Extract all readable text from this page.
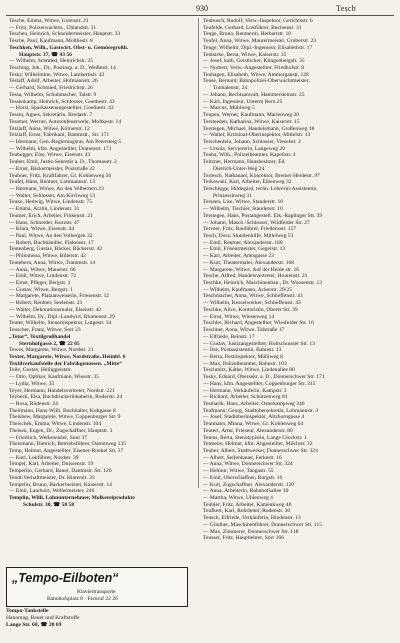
930	Tesch
Tesche, Emma, Witwe, Gotenstr. 21
— Fritz, Polizeiwachtm., Uhlandstr. 31
Teschen, Heinrich, Schneidermeister, Hauptstr. 33
Tesche, Paul, Kaufmann, Moltkestr. 8
Teschken, Wilh., Gastwirt, Obst- u. Gemüsegroßh.
Hauptstr. 37, ☎ 43 56
— Wilhelm, Schmied, Heinrichstr. 25
Tesching, Joh., Dr., Postinsp. a. D., Weißestr. 14
Tesky, Wilhelmine, Witwe, Lambertistr. 42
Teslaff, Adolf, Arbeiter, Hofmannstr. 26
— Gerhard, Schmied, Friedrichstr. 26
Tessa, Wilhelm, Schuhmacher, Talstr. 9
Tessenkamp, Heinrich, Schlosser, Goethestr. 43
— Horst, Sparkassenangestellter, Goethestr. 43
Tessin, Agnes, Sekretärin, Bredastr. 7
Tessmer, Werner, Autorenfeuerwehr, Moltkestr. 14
Tetzlaff, Anna, Witwe, Körnerstr. 12
Tetzlaff, Ernst, Fabrikant, Dammstr., Str. 171
— Hermann, Gen.-Regierungsrat, Am Petersteig 5
— Wilhelm, kfm. Angestellter, Domenstr. 171
Teubegger, Else, Witwe, Eisenstr. 43
Teuber, Emil, Justiz-Sekretär a. D., Thomasstr. 2
— Ernst, Bäckermeister, Poststraße 22
Teubner, Fritz, Kraftfahrer, Gr. Kohlenweg 56
Teufel, Hans, Rentner, Lohmannstr. 13
— Hermann, Witwe, An den Velbertern 23
— Walter, Schlosser, Am Kirchweg 13
Teuke, Hedwig, Witwe, Lindenstr. 75
— Emma, Ärztin, Lindenstr. 31
Teumer, Erich, Arbeiter, Finkenstr. 21
— Hans, Schneider, Kurzstr. 47
— Klara, Witwe, Eisenstr. 44
— Paul, Witwe, An den Volbergen 32
— Robert, Buchhändler, Finkenstr. 17
Teutenberg, Gustav, Bäcker, Bäckerstr. 42
— Philomena, Witwe, Bitterstr. 42
Teutebern, Anna, Witwe, Trammstr. 14
— Anna, Witwe, Mauerstr. 66
— Emil, Witwe, Lindenstr. 72
— Ernst, Pfleger, Bergstr. 1
— Gustav, Witwe, Bergstr. 1
— Margarete, Platzanweiserin, Friesenstr. 12
— Robert, Rentner, Seelenstr. 23
— Walter, Dekorationsmaler, Elsenstr. 42
— Wilhelm, Dr., Dipl.-Landwirt, Blumenstr. 29
Teuter, Wilhelm, Steuerinspektor, Lutgestr. 34
Teuscher, Franz, Witwe, Sorr 23
„Tetor“, Textilgroßhandel
Sternhofgasse 2, ☎ 22 05
Tewes, Margarete, Witwe, Nordstr. 21
Texter, Margarete, Witwe, Nordstraße, Heimbl. 6
Textilverkaufstelle der Fabrikgenossen. „Mitte“
Teile, Gustav, Heiliggeiststr.
— Otto, Optiker, Kaufmann, Wiesstr. 35
— Lydia, Witwe, 35
Teyer, Hermann, Handelsvertreter, Nordstr. 221
Teybeck, Elsa, Buchdruckerinhaberin, Ruderstr. 24
— Rosa, Rüdenstr. 24
Theilmann, Hans-Willi, Buchhalter, Kuhgasse 8
Thelsbew, Margarete, Witwe, Coppenburger Str. 9
Theischek, Emma, Witwe, Lindenstr. 104
Theisen, Eugen, Dr., Zugschaffner, Hauptstr. 3
— Friedrich, Werkmeister, Sonr 37
Theismann, Dietrich, Betriebsführer, Dammweg 135
Temp, Helmut, Angestellter, Eisener-Ronkel Str. 37
— Karl, Lokführer, Nordstr. 39
Tempel, Karl, Arbeiter, Duissenstr. 19
Temperlin, Gerhard, Bauer, Dammstr. Str. 126
Tendt-Verhaftmeister, Dr. Hinterstr. 33
Tempelin, Bruno, Bäckermeister, Kaiserstr. 14
— Emil, Landwirt, Wellermeister, 246
Templin, Willi, Lohnunternehmer, Molkereiprodukte
Schulstr. 30, ☎ 58 58
Teubusch, Rudolf, Verw.-Inspektor, Gerichtsstr. 6
Teufelde, Gerhard, Lokführer, Buchenstr. 31
Tenge, Bruno, Rentnerin, Herbartstr. 10
Teufel, Anna, Witwe, Maurermeister, Gruberstr. 23
Tenge, Wilhelm, Dipl.-Ingenieur, Elisabethstr. 17
Tenbarke, Berta, Witwe, Kaiserstr. 35
— Josef, kath. Geistlicher, Klingenbergstr. 35
— Norbert, Verw.-Angestellter, Friedhofstr. 8
Tenhagen, Elisabeth, Witwe, Ammergaustr. 128
Tense, Bernard, Bahnpolizei-Oberwachtmeister,
Tonhalenstr. 24
— Johann, Rechtsanwalt, Hammersteinstr. 25
— Karl, Ingenieur, Unterm Bern 25
— Marcus, Mühlweg 5
Tenpen, Werner, Kaufmann, Marienweg 20
Tersteeden, Katharina, Witwe, Kaiserstr. 15
Terstegen, Michael, Handelsmann, Großenweg 18
— Walter, Kriminal-Oberinspektor, Mittelstr. 13
Terschentein, Johann, Schlosser, Vieselstr. 2
— Ursula, Serviererin, Langeweg 20
Teuba, Wilh., Polizeibeamter, Kapellstr. 4
Teitzner, Hermann, Hausbesitzer, Ed.
Dietrich-Unter-Weg 24
Terlesch, Nathanael, Konrektor, Bremer Heidestr. 97
Terkowski, Karl, Arbeiter, Eibenweg 32
Terschegge, Hildegard, techn. Lehrerin-Assistentin,
Prinzessinweg 31
Terseen, Lise, Witwe, Stauderstr. 10
— Wilhelm, Tischler, Stauderstr. 10
Terstegen, Hans, Postangestell. Elk.-Raplinger Str. 39
— Johann, Masch.-Schlosser, Wildfelder Str. 27
Terveer, Fritz, Bauführer, Friedensstr. 157
Tesch, Dora, Stundenhilfe, Mittelweg 53
— Emil, Rentner, Alexanderstr. 168
— Emil, Friseurmeister, Gegerstr. 13
— Karl, Arbeiter, Amtsgasse 23
— Kurt, Theatermaler, Alexanderstr. 168
— Margarete, Witwe, Auf der Heide str. 16
Tesche, Alfred, Handelsvertreter, Hoarenstr. 21
Teschke, Heinrich, Maschinenbau., Dr. Woosenstr. 13
— Wilhelm, Kaufmann, Ackerstr. 29/25
Teschmacher, Anna, Witwe, Schlieffenstr. 43
— Wilhelm, Kesselwerker, Schlieffenstr. 43
Teschke, Alice, Kontoristin, Oberer Str. 39
— Ernst, Witwe, Wiesenweg 14
Teschler, Richard, Angestellter, Wiesfelder Str. 16
Teschner, Anna, Witwe, Talstraße 17
— Elfriede, Beinstr. 17
— Gustav, Justizangestellter, Holtschusster Str. 13
— Ilse, Postassistentin, Bahnstr. 13
— Berta, Postinspektor, Mühlweg 8
— Max, Polizeibeamter, Bahnstr. 103
Teschmitz, Käthe, Witwe, Lindenallee 80
Tesky, Eduard, Obersekr. a. D., Donnerschwer Str. 171
— Hans, kfm. Angestellter, Coppenburger Str. 315
— Hermann, Verkäuferin, Kampstr. 3
— Richard, Arbeiter, Schützenweg 81
Tesmarik, Hans, Arbeiter, Osterkampweg 346
Teufmann, Georg, Stadtobersekretär, Lohmannstr. 3
— Josef, Stadtoberinspektor, Allzhorngasse 4
Teutmann, Minna, Witwe, Gr. Kohlenweg 64
Teutert, Artur, Frieseur, Alexanderstr. 80
Tetens, Berta, Stenotypistin, Lange Glockstr. 1
Tetmeier, Helmut, kfm. Angestellter, Milchstr. 32
Teuber, Albert, Stadtwerker, Donnerschwer Str. 324
— Albert, Seifenhauer, Ferkestr. 16
— Anna, Witwe, Donnerschwer Str. 324
— Helmut, Witwe, Tangastr. 55
— Emil, Oberschaffner, Burgstr. 16
— Kurt, Zugschaffner, Alexanderstr. 120
— Anna, Arbeiterin, Rahnhofsallee 30
— Martha, Witwe, Uhlenweg 4
Teubler, Fritz, Arbeiter, Kamenkweg 40
Teufkert, Karl, Rohrleiter, Rudenstr. 30
Teusch, Elfriede, Verkäuferin, Hindenstr. 13
— Günther, Maschinenführer, Donnerschwer Str. 115
— Max, Zimmerer, Donnerschwer Str. 118
Teusser, Fritz, Hauptlehrer, Sorr 166
„Tempo-Eilboten“
Klaviertransporte
Bahnhofsplatz 8 · Fernruf 22 26
Tempo-Tankstelle
Hanomag, Bauer und Kraftstoffe
Lange Str. 68, ☎ 20 69
